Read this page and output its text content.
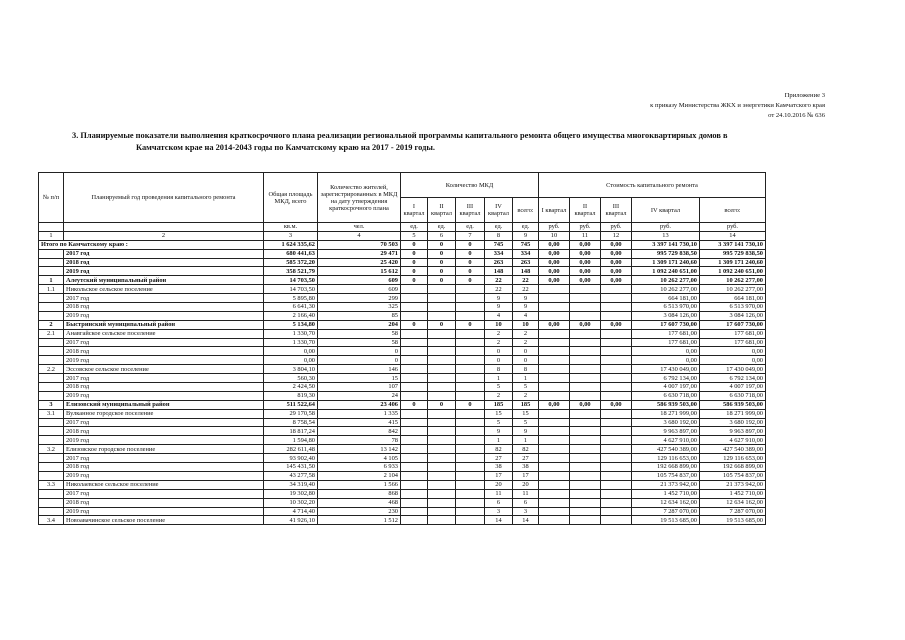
Приложение 3
к приказу Министерства ЖКХ и энергетики Камчатского края
от 24.10.2016 № 636
3. Планируемые показатели выполнения краткосрочного плана реализации региональной программы капитального ремонта общего имущества многоквартирных домов в
Камчатском крае на 2014-2043 годы по Камчатскому краю на 2017 - 2019 годы.
№ п/п	Планируемый год проведения капитального ремонта	Общая площадь МКД, всего	Количество жителей, зарегистрированных в МКД на дату утверждения краткосрочного плана	Количество МКД					Стоимость капитального ремонта				
				I квартал	II квартал	III квартал	IV квартал	всего:	I квартал	II квартал	III квартал	IV квартал	всего:
		кв.м.	чел.	ед.	ед.	ед.	ед.	ед.	руб.	руб.	руб.	руб.	руб.
1	2	3	4	5	6	7	8	9	10	11	12	13	14
Итого по Камчатскому краю :		1 624 335,62	70 503	0	0	0	745	745	0,00	0,00	0,00	3 397 141 730,10	3 397 141 730,10
	2017 год	680 441,63	29 471	0	0	0	334	334	0,00	0,00	0,00	995 729 838,50	995 729 838,50
	2018 год	585 372,20	25 420	0	0	0	263	263	0,00	0,00	0,00	1 309 171 240,60	1 309 171 240,60
	2019 год	358 521,79	15 612	0	0	0	148	148	0,00	0,00	0,00	1 092 240 651,00	1 092 240 651,00
1	Алеутский муниципальный район	14 703,50	609	0	0	0	22	22	0,00	0,00	0,00	10 262 277,00	10 262 277,00
1.1	Никольское сельское поселение	14 703,50	609				22	22				10 262 277,00	10 262 277,00
	2017 год	5 895,80	299				9	9				664 181,00	664 181,00
	2018 год	6 641,30	325				9	9				6 513 970,00	6 513 970,00
	2019 год	2 166,40	85				4	4				3 084 126,00	3 084 126,00
2	Быстринский муниципальный район	5 134,80	204	0	0	0	10	10	0,00	0,00	0,00	17 607 730,00	17 607 730,00
2.1	Анавгайское сельское поселение	1 330,70	58				2	2				177 681,00	177 681,00
	2017 год	1 330,70	58				2	2				177 681,00	177 681,00
	2018 год	0,00	0				0	0				0,00	0,00
	2019 год	0,00	0				0	0				0,00	0,00
2.2	Эссовское сельское поселение	3 804,10	146				8	8				17 430 049,00	17 430 049,00
	2017 год	560,30	15				1	1				6 792 134,00	6 792 134,00
	2018 год	2 424,50	107				5	5				4 007 197,00	4 007 197,00
	2019 год	819,30	24				2	2				6 630 718,00	6 630 718,00
3	Елизовский муниципальный район	511 522,64	23 406	0	0	0	185	185	0,00	0,00	0,00	586 939 503,00	586 939 503,00
3.1	Вулканное городское поселение	29 170,58	1 335				15	15				18 271 999,00	18 271 999,00
	2017 год	8 758,54	415				5	5				3 680 192,00	3 680 192,00
	2018 год	18 817,24	842				9	9				9 963 897,00	9 963 897,00
	2019 год	1 594,80	78				1	1				4 627 910,00	4 627 910,00
3.2	Елизовское городское поселение	282 611,48	13 142				82	82				427 540 389,00	427 540 389,00
	2017 год	93 902,40	4 105				27	27				129 116 653,00	129 116 653,00
	2018 год	145 431,50	6 933				38	38				192 668 899,00	192 668 899,00
	2019 год	43 277,58	2 104				17	17				105 754 837,00	105 754 837,00
3.3	Николаевское сельское поселение	34 319,40	1 566				20	20				21 373 942,00	21 373 942,00
	2017 год	19 302,80	868				11	11				1 452 710,00	1 452 710,00
	2018 год	10 302,20	468				6	6				12 634 162,00	12 634 162,00
	2019 год	4 714,40	230				3	3				7 287 070,00	7 287 070,00
3.4	Новоавачинское сельское поселение	41 926,10	1 512				14	14				19 513 685,00	19 513 685,00
